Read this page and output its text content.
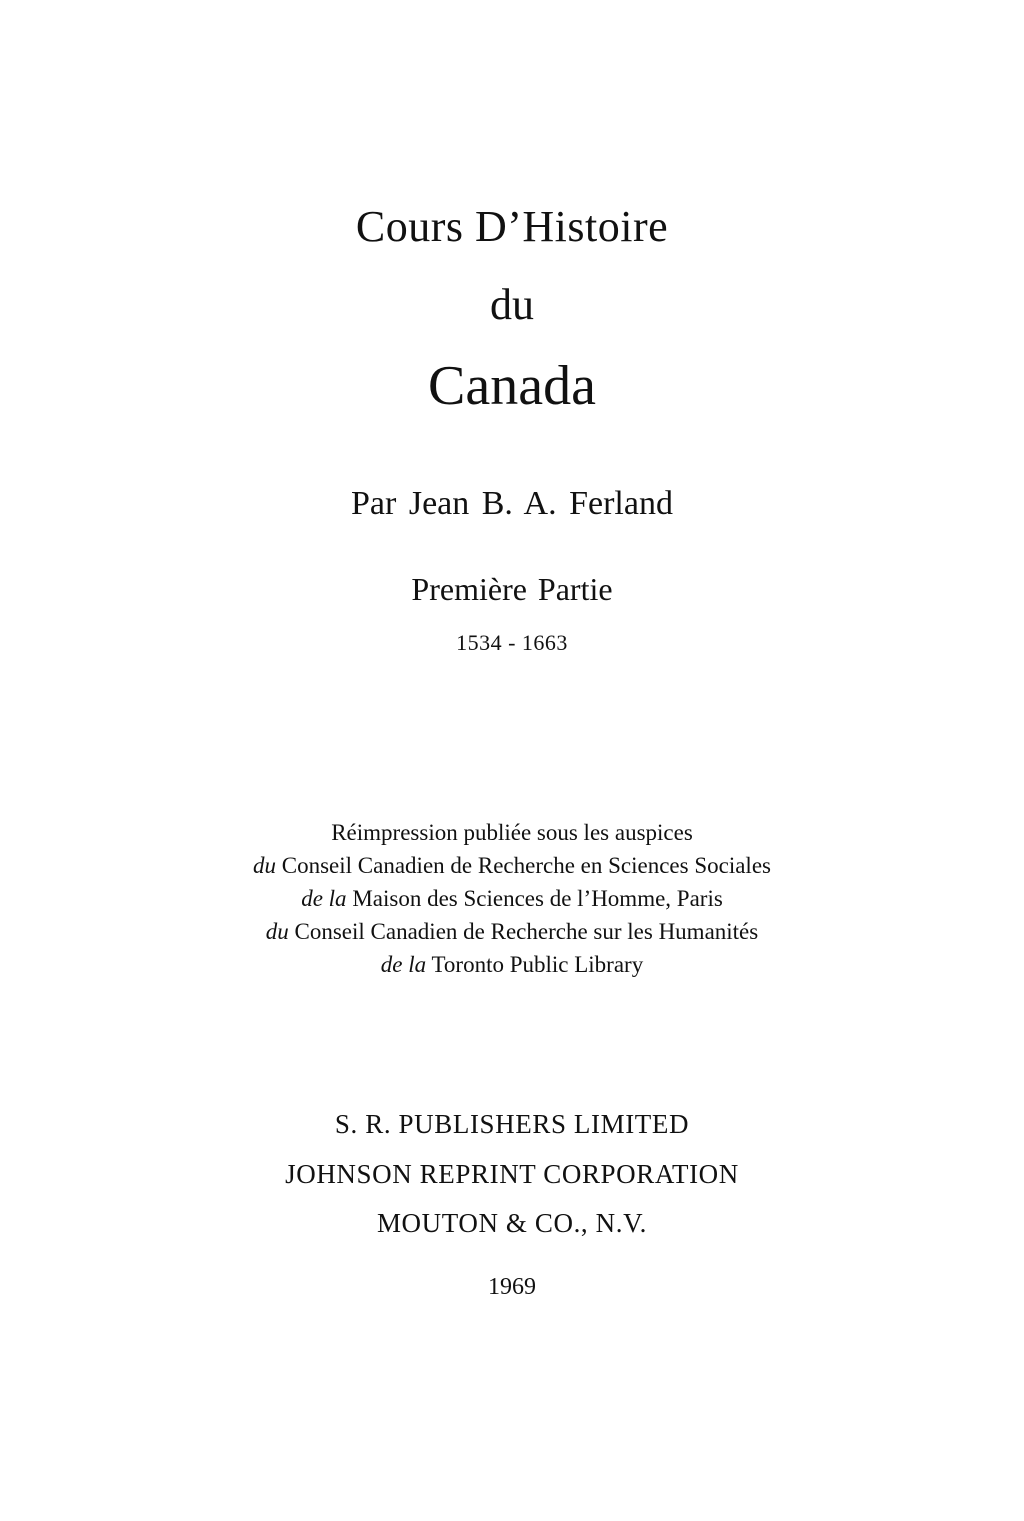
Cours D’Histoire
du
Canada
Par Jean B. A. Ferland
Première Partie
1534 - 1663
Réimpression publiée sous les auspices
du Conseil Canadien de Recherche en Sciences Sociales
de la Maison des Sciences de l’Homme, Paris
du Conseil Canadien de Recherche sur les Humanités
de la Toronto Public Library
S. R. PUBLISHERS LIMITED
JOHNSON REPRINT CORPORATION
MOUTON & CO., N.V.
1969
